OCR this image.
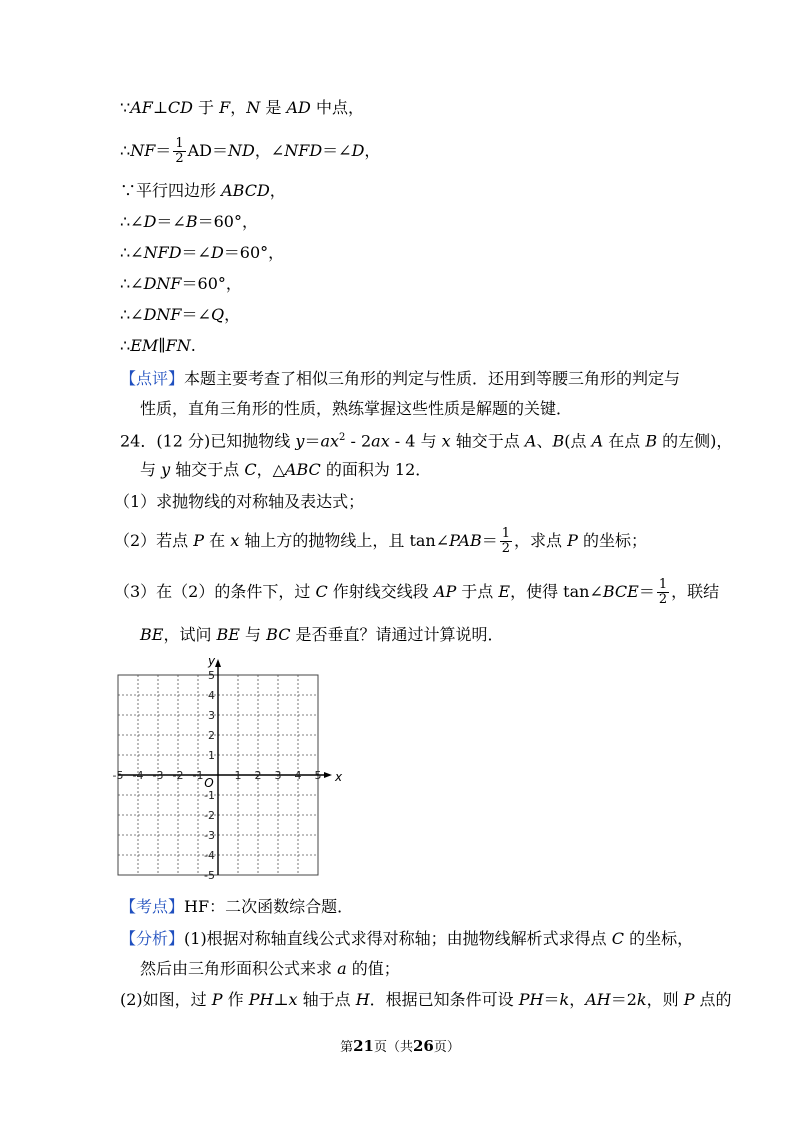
∵AF⊥CD 于 F，N 是 AD 中点，
∴NF＝ $\frac{1}{2} AD=ND$，∠NFD＝∠D，
∵平行四边形 ABCD，
∴∠D＝∠B＝60°，
∴∠NFD＝∠D＝60°，
∴∠DNF＝60°，
∴∠DNF＝∠Q，
∴EM∥FN.
【点评】本题主要考查了相似三角形的判定与性质．还用到等腰三角形的判定与
性质，直角三角形的性质，熟练掌握这些性质是解题的关键．
24．(12 分)已知抛物线 $y=ax^2 - 2ax - 4$ 与 x 轴交于点 A、B(点 A 在点 B 的左侧)，
与 y 轴交于点 C，△ABC 的面积为 12．
（1）求抛物线的对称轴及表达式；
（2）若点 P 在 x 轴上方的抛物线上，且 tan∠PAB＝ $\frac{1}{2}$ ，求点 P 的坐标；
（3）在（2）的条件下，过 C 作射线交线段 AP 于点 E，使得 tan∠BCE＝ $\frac{1}{2}$ ，联结
BE，试问 BE 与 BC 是否垂直？请通过计算说明．
-5 -4 -3 -2 -1	1 2 3 4 5
5
4
3
2
1
-1
-2
-3
-4
-5
O	x
y
【考点】HF：二次函数综合题．
【分析】(1)根据对称轴直线公式求得对称轴；由抛物线解析式求得点 C 的坐标，
然后由三角形面积公式来求 a 的值；
(2)如图，过 P 作 PH⊥x 轴于点 H．根据已知条件可设 PH＝k，AH＝2k，则 P 点的
第21页（共26页）
